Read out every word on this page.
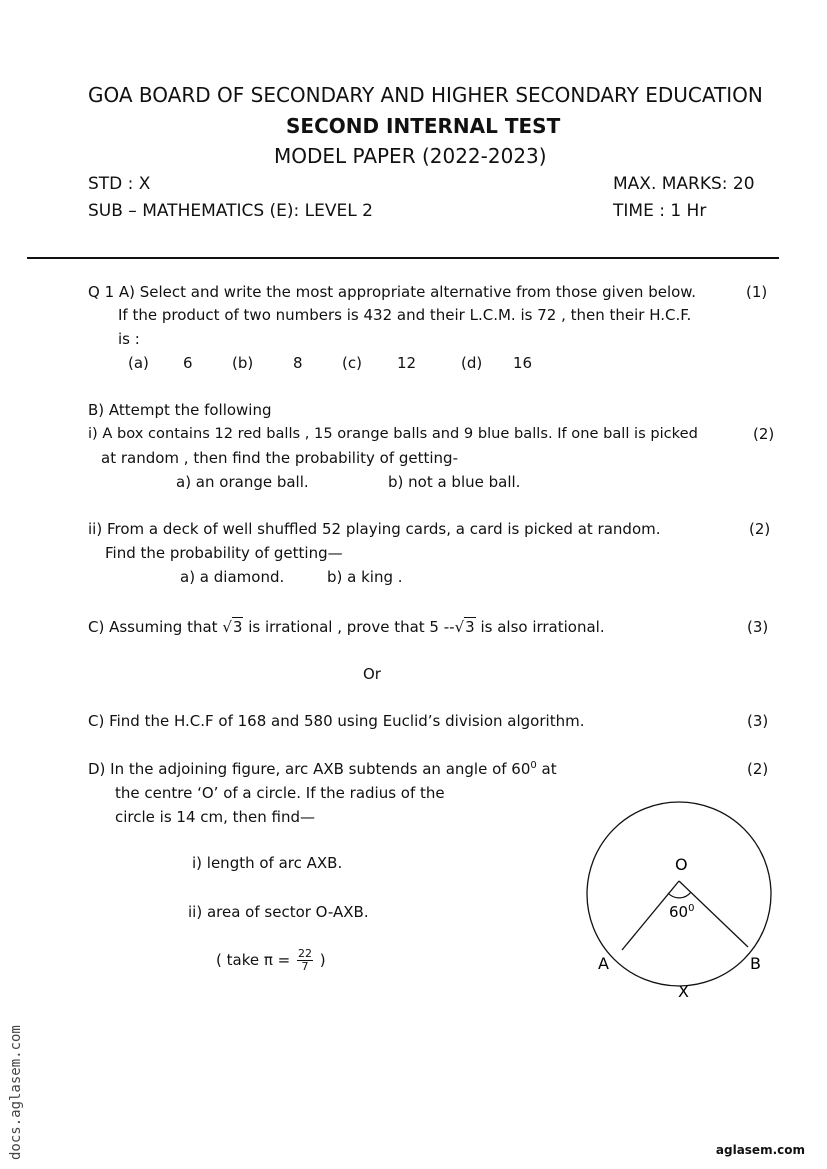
GOA BOARD OF SECONDARY AND HIGHER SECONDARY EDUCATION
SECOND INTERNAL TEST
MODEL PAPER (2022-2023)
STD : X	MAX. MARKS: 20
SUB – MATHEMATICS (E): LEVEL 2	TIME : 1 Hr
Q 1 A) Select and write the most appropriate alternative from those given below.	(1)
If the product of two numbers is 432 and their L.C.M. is 72 , then their H.C.F.
is :
(a) 6	(b)	8	(c) 12	(d) 16
B) Attempt the following
i) A box contains 12 red balls , 15 orange balls and 9 blue balls. If one ball is picked	(2)
at random , then find the probability of getting-
a) an orange ball.	b) not a blue ball.
ii) From a deck of well shuffled 52 playing cards, a card is picked at random.	(2)
Find the probability of getting—
a) a diamond.	b) a king .
C) Assuming that √3 is irrational , prove that 5 --√3 is also irrational.	(3)
Or
C) Find the H.C.F of 168 and 580 using Euclid’s division algorithm.	(3)
D) In the adjoining figure, arc AXB subtends an angle of $60^0$ at	(2)
the centre ‘O’ of a circle. If the radius of the
circle is 14 cm, then find—
i) length of arc AXB.
ii) area of sector O-AXB.
( take $\pi = \frac{22}{7}$ )
O
$60^0$
A	B
X
docs.aglasem.com	aglasem.com
